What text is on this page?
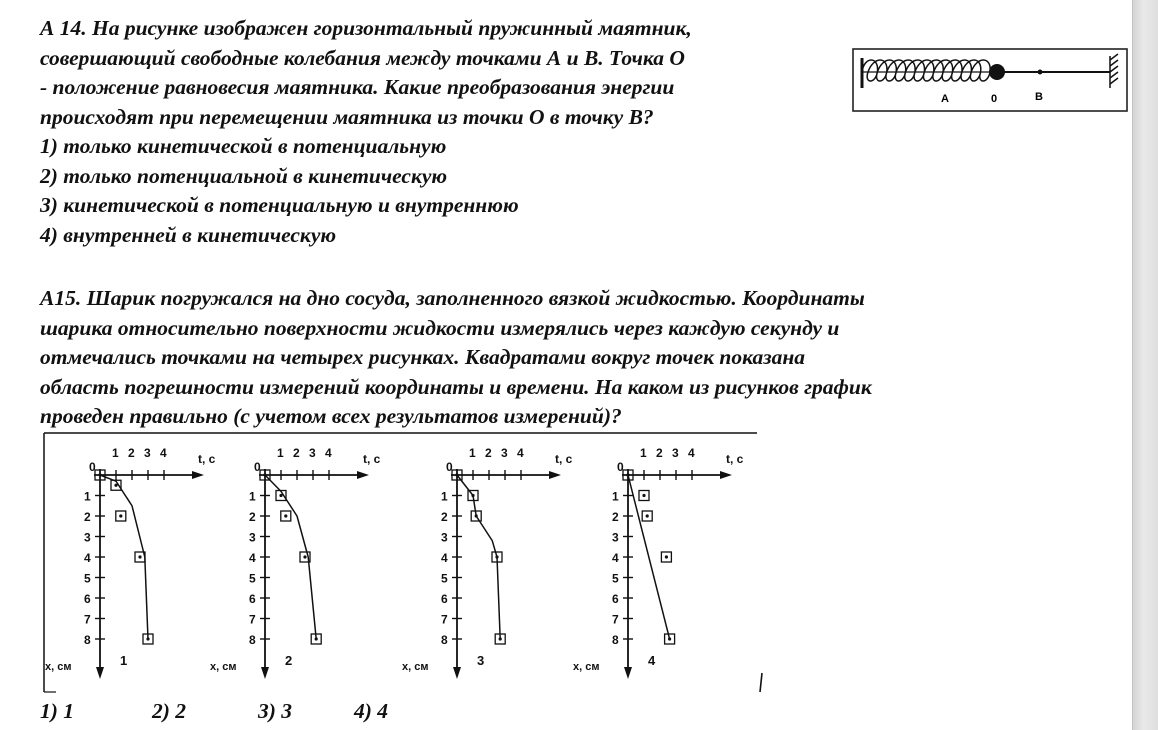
А 14. На рисунке изображен горизонтальный пружинный маятник,
совершающий свободные колебания между точками А и В. Точка О
- положение равновесия маятника. Какие преобразования энергии
происходят при перемещении маятника из точки О в точку В?
1) только кинетической в потенциальную
2) только потенциальной в кинетическую
3) кинетической в потенциальную и внутреннюю
4) внутренней в кинетическую
A	0	B
А15. Шарик погружался на дно сосуда, заполненного вязкой жидкостью. Координаты
шарика относительно поверхности жидкости измерялись через каждую секунду и
отмечались точками на четырех рисунках. Квадратами вокруг точек показана
область погрешности измерений координаты и времени. На каком из рисунков график
проведен правильно (с учетом всех результатов измерений)?
1 2 3 4
1
2
3
4
5
6
7
8
0
t, c
x, см	1
1 2 3 4
1
2
3
4
5
6
7
8
0
t, c
x, см	2
1 2 3 4
1
2
3
4
5
6
7
8
0
t, c
x, см	3
1 2 3 4
1
2
3
4
5
6
7
8
0
t, c
x, см	4
1) 1	2) 2	3) 3	4) 4
